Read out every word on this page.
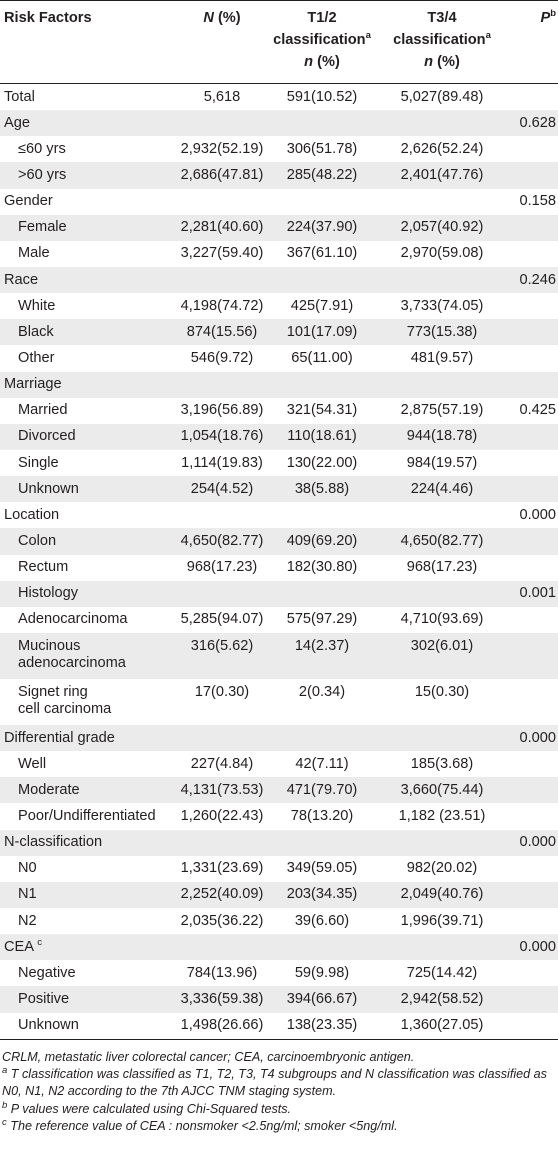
Risk Factors	N (%)	T1/2
classification$^a$
n (%)	T3/4
classification$^a$
n (%)	$P^b$
Total	5,618	591(10.52)	5,027(89.48)	
Age				0.628
≤60 yrs	2,932(52.19)	306(51.78)	2,626(52.24)	
>60 yrs	2,686(47.81)	285(48.22)	2,401(47.76)	
Gender				0.158
Female	2,281(40.60)	224(37.90)	2,057(40.92)	
Male	3,227(59.40)	367(61.10)	2,970(59.08)	
Race				0.246
White	4,198(74.72)	425(7.91)	3,733(74.05)	
Black	874(15.56)	101(17.09)	773(15.38)	
Other	546(9.72)	65(11.00)	481(9.57)	
Marriage				
Married	3,196(56.89)	321(54.31)	2,875(57.19)	0.425
Divorced	1,054(18.76)	110(18.61)	944(18.78)	
Single	1,114(19.83)	130(22.00)	984(19.57)	
Unknown	254(4.52)	38(5.88)	224(4.46)	
Location				0.000
Colon	4,650(82.77)	409(69.20)	4,650(82.77)	
Rectum	968(17.23)	182(30.80)	968(17.23)	
Histology				0.001
Adenocarcinoma	5,285(94.07)	575(97.29)	4,710(93.69)	
Mucinous
adenocarcinoma	316(5.62)	14(2.37)	302(6.01)	
Signet ring
cell carcinoma	17(0.30)	2(0.34)	15(0.30)	
Differential grade				0.000
Well	227(4.84)	42(7.11)	185(3.68)	
Moderate	4,131(73.53)	471(79.70)	3,660(75.44)	
Poor/Undifferentiated	1,260(22.43)	78(13.20)	1,182 (23.51)	
N-classification				0.000
N0	1,331(23.69)	349(59.05)	982(20.02)	
N1	2,252(40.09)	203(34.35)	2,049(40.76)	
N2	2,035(36.22)	39(6.60)	1,996(39.71)	
CEA $^c$				0.000
Negative	784(13.96)	59(9.98)	725(14.42)	
Positive	3,336(59.38)	394(66.67)	2,942(58.52)	
Unknown	1,498(26.66)	138(23.35)	1,360(27.05)	

CRLM, metastatic liver colorectal cancer; CEA, carcinoembryonic antigen.

$^a$ T classification was classified as T1, T2, T3, T4 subgroups and N classification was classified as N0, N1, N2 according to the 7th AJCC TNM staging system.

$^b$ P values were calculated using Chi-Squared tests.

$^c$ The reference value of CEA : nonsmoker <2.5ng/ml; smoker <5ng/ml.
